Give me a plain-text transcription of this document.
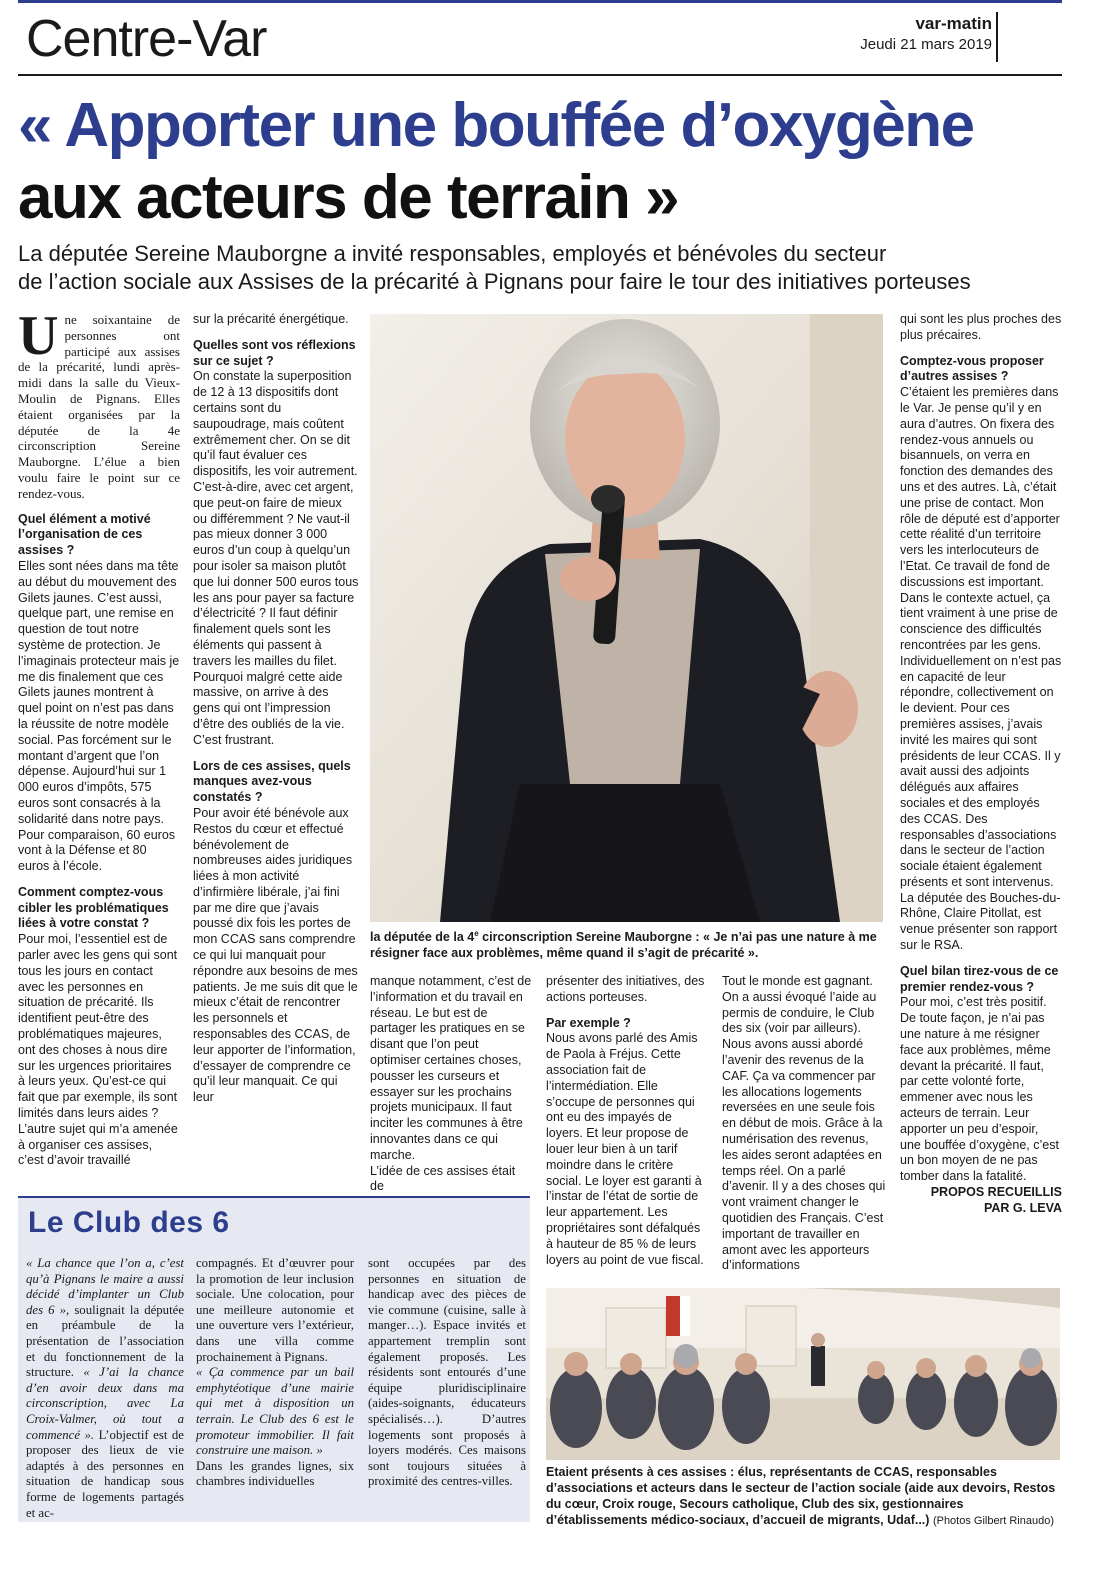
Centre-Var	var-matin
Jeudi 21 mars 2019
« Apporter une bouffée d’oxygène
aux acteurs de terrain »
La députée Sereine Mauborgne a invité responsables, employés et bénévoles du secteur
de l’action sociale aux Assises de la précarité à Pignans pour faire le tour des initiatives porteuses

Une soixantaine de personnes ont participé aux assises de la précarité, lundi après-midi dans la salle du Vieux-Moulin de Pignans. Elles étaient organisées par la députée de la 4e circonscription Sereine Mauborgne. L’élue a bien voulu faire le point sur ce rendez-vous.

Quel élément a motivé l’organisation de ces assises ?

Elles sont nées dans ma tête au début du mouvement des Gilets jaunes. C’est aussi, quelque part, une remise en question de tout notre système de protection. Je l’imaginais protecteur mais je me dis finalement que ces Gilets jaunes montrent à quel point on n’est pas dans la réussite de notre modèle social. Pas forcément sur le montant d’argent que l’on dépense. Aujourd’hui sur 1 000 euros d’impôts, 575 euros sont consacrés à la solidarité dans notre pays. Pour comparaison, 60 euros vont à la Défense et 80 euros à l’école.

Comment comptez-vous cibler les problématiques liées à votre constat ?

Pour moi, l’essentiel est de parler avec les gens qui sont tous les jours en contact avec les personnes en situation de précarité. Ils identifient peut-être des problématiques majeures, ont des choses à nous dire sur les urgences prioritaires à leurs yeux. Qu’est-ce qui fait que par exemple, ils sont limités dans leurs aides ? L’autre sujet qui m’a amenée à organiser ces assises, c’est d’avoir travaillé

sur la précarité énergétique.

Quelles sont vos réflexions sur ce sujet ?

On constate la superposition de 12 à 13 dispositifs dont certains sont du saupoudrage, mais coûtent extrêmement cher. On se dit qu’il faut évaluer ces dispositifs, les voir autrement. C’est-à-dire, avec cet argent, que peut-on faire de mieux ou différemment ? Ne vaut-il pas mieux donner 3 000 euros d’un coup à quelqu’un pour isoler sa maison plutôt que lui donner 500 euros tous les ans pour payer sa facture d’électricité ? Il faut définir finalement quels sont les éléments qui passent à travers les mailles du filet. Pourquoi malgré cette aide massive, on arrive à des gens qui ont l’impression d’être des oubliés de la vie. C’est frustrant.

Lors de ces assises, quels manques avez-vous constatés ?

Pour avoir été bénévole aux Restos du cœur et effectué bénévolement de nombreuses aides juridiques liées à mon activité d’infirmière libérale, j’ai fini par me dire que j’avais poussé dix fois les portes de mon CCAS sans comprendre ce qui lui manquait pour répondre aux besoins de mes patients. Je me suis dit que le mieux c’était de rencontrer les personnels et responsables des CCAS, de leur apporter de l’information, d’essayer de comprendre ce qu’il leur manquait. Ce qui leur

la députée de la 4e circonscription Sereine Mauborgne : « Je n’ai pas une nature à me résigner face aux problèmes, même quand il s’agit de précarité ».

manque notamment, c’est de l’information et du travail en réseau. Le but est de partager les pratiques en se disant que l’on peut optimiser certaines choses, pousser les curseurs et essayer sur les prochains projets municipaux. Il faut inciter les communes à être innovantes dans ce qui marche.

L’idée de ces assises était de

présenter des initiatives, des actions porteuses.

Par exemple ?

Nous avons parlé des Amis de Paola à Fréjus. Cette association fait de l’intermédiation. Elle s’occupe de personnes qui ont eu des impayés de loyers. Et leur propose de louer leur bien à un tarif moindre dans le critère social. Le loyer est garanti à l’instar de l’état de sortie de leur appartement. Les propriétaires sont défalqués à hauteur de 85 % de leurs loyers au point de vue fiscal.

Tout le monde est gagnant. On a aussi évoqué l’aide au permis de conduire, le Club des six (voir par ailleurs). Nous avons aussi abordé l’avenir des revenus de la CAF. Ça va commencer par les allocations logements reversées en une seule fois en début de mois. Grâce à la numérisation des revenus, les aides seront adaptées en temps réel. On a parlé d’avenir. Il y a des choses qui vont vraiment changer le quotidien des Français. C’est important de travailler en amont avec les apporteurs d’informations

qui sont les plus proches des plus précaires.

Comptez-vous proposer d’autres assises ?

C’étaient les premières dans le Var. Je pense qu’il y en aura d’autres. On fixera des rendez-vous annuels ou bisannuels, on verra en fonction des demandes des uns et des autres. Là, c’était une prise de contact. Mon rôle de député est d’apporter cette réalité d’un territoire vers les interlocuteurs de l’Etat. Ce travail de fond de discussions est important. Dans le contexte actuel, ça tient vraiment à une prise de conscience des difficultés rencontrées par les gens. Individuellement on n’est pas en capacité de leur répondre, collectivement on le devient. Pour ces premières assises, j’avais invité les maires qui sont présidents de leur CCAS. Il y avait aussi des adjoints délégués aux affaires sociales et des employés des CCAS. Des responsables d’associations dans le secteur de l’action sociale étaient également présents et sont intervenus. La députée des Bouches-du-Rhône, Claire Pitollat, est venue présenter son rapport sur le RSA.

Quel bilan tirez-vous de ce premier rendez-vous ?

Pour moi, c’est très positif. De toute façon, je n’ai pas une nature à me résigner face aux problèmes, même devant la précarité. Il faut, par cette volonté forte, emmener avec nous les acteurs de terrain. Leur apporter un peu d’espoir, une bouffée d’oxygène, c’est un bon moyen de ne pas tomber dans la fatalité.

PROPOS RECUEILLIS

PAR G. LEVA

Le Club des 6
« La chance que l’on a, c’est qu’à Pignans le maire a aussi décidé d’implanter un Club des 6 », soulignait la députée en préambule de la présentation de l’association et du fonctionnement de la structure. « J’ai la chance d’en avoir deux dans ma circonscription, avec La Croix-Valmer, où tout a commencé ». L’objectif est de proposer des lieux de vie adaptés à des personnes en situation de handicap sous forme de logements partagés et ac-
compagnés. Et d’œuvrer pour la promotion de leur inclusion sociale. Une colocation, pour une meilleure autonomie et une ouverture vers l’extérieur, dans une villa comme prochainement à Pignans.
« Ça commence par un bail emphytéotique d’une mairie qui met à disposition un terrain. Le Club des 6 est le promoteur immobilier. Il fait construire une maison. »
Dans les grandes lignes, six chambres individuelles
sont occupées par des personnes en situation de handicap avec des pièces de vie commune (cuisine, salle à manger…). Espace invités et appartement tremplin sont également proposés. Les résidents sont entourés d’une équipe pluridisciplinaire (aides-soignants, éducateurs spécialisés…). D’autres logements sont proposés à loyers modérés. Ces maisons sont toujours situées à proximité des centres-villes.
Etaient présents à ces assises : élus, représentants de CCAS, responsables d’associations et acteurs dans le secteur de l’action sociale (aide aux devoirs, Restos du cœur, Croix rouge, Secours catholique, Club des six, gestionnaires d’établissements médico-sociaux, d’accueil de migrants, Udaf...) (Photos Gilbert Rinaudo)
